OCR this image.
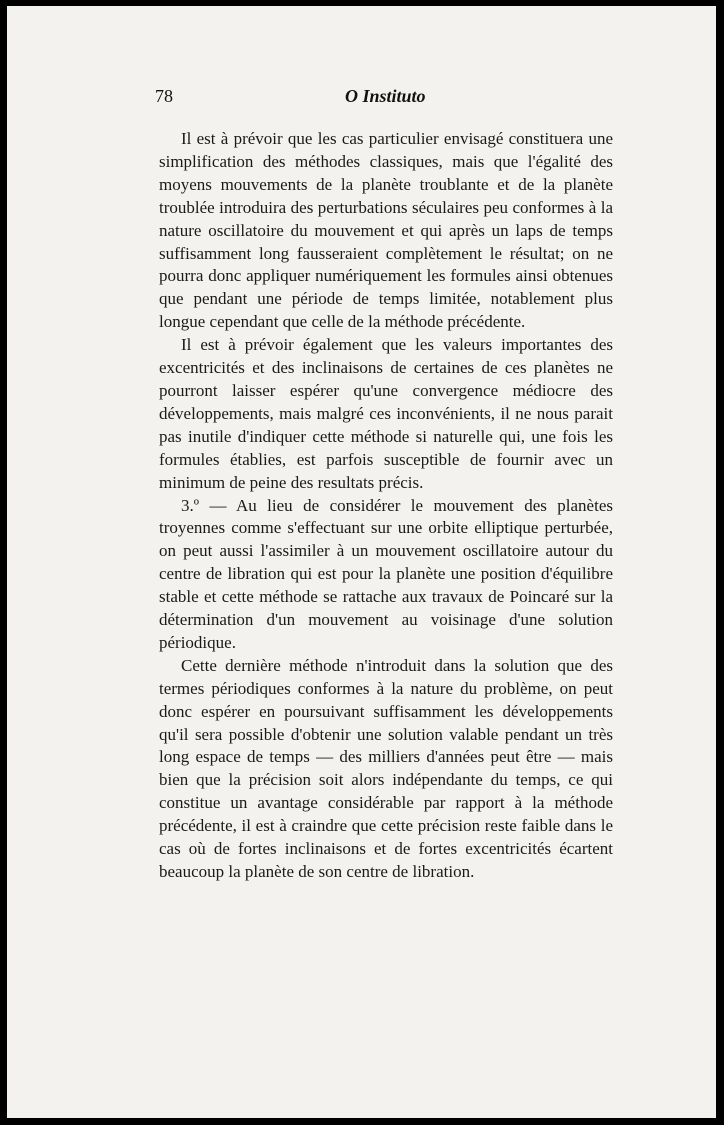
78	O Instituto

Il est à prévoir que les cas particulier envisagé constituera une simplification des méthodes classiques, mais que l'égalité des moyens mouvements de la planète troublante et de la planète troublée introduira des perturbations séculaires peu conformes à la nature oscillatoire du mouvement et qui après un laps de temps suffisamment long fausseraient complètement le résultat; on ne pourra donc appliquer numériquement les formules ainsi obtenues que pendant une période de temps limitée, notablement plus longue cependant que celle de la méthode précédente.

Il est à prévoir également que les valeurs importantes des excentricités et des inclinaisons de certaines de ces planètes ne pourront laisser espérer qu'une convergence médiocre des développements, mais malgré ces inconvénients, il ne nous parait pas inutile d'indiquer cette méthode si naturelle qui, une fois les formules établies, est parfois susceptible de fournir avec un minimum de peine des resultats précis.

3.º — Au lieu de considérer le mouvement des planètes troyennes comme s'effectuant sur une orbite elliptique perturbée, on peut aussi l'assimiler à un mouvement oscillatoire autour du centre de libration qui est pour la planète une position d'équilibre stable et cette méthode se rattache aux travaux de Poincaré sur la détermination d'un mouvement au voisinage d'une solution périodique.

Cette dernière méthode n'introduit dans la solution que des termes périodiques conformes à la nature du problème, on peut donc espérer en poursuivant suffisamment les développements qu'il sera possible d'obtenir une solution valable pendant un très long espace de temps — des milliers d'années peut être — mais bien que la précision soit alors indépendante du temps, ce qui constitue un avantage considérable par rapport à la méthode précédente, il est à craindre que cette précision reste faible dans le cas où de fortes inclinaisons et de fortes excentricités écartent beaucoup la planète de son centre de libration.
